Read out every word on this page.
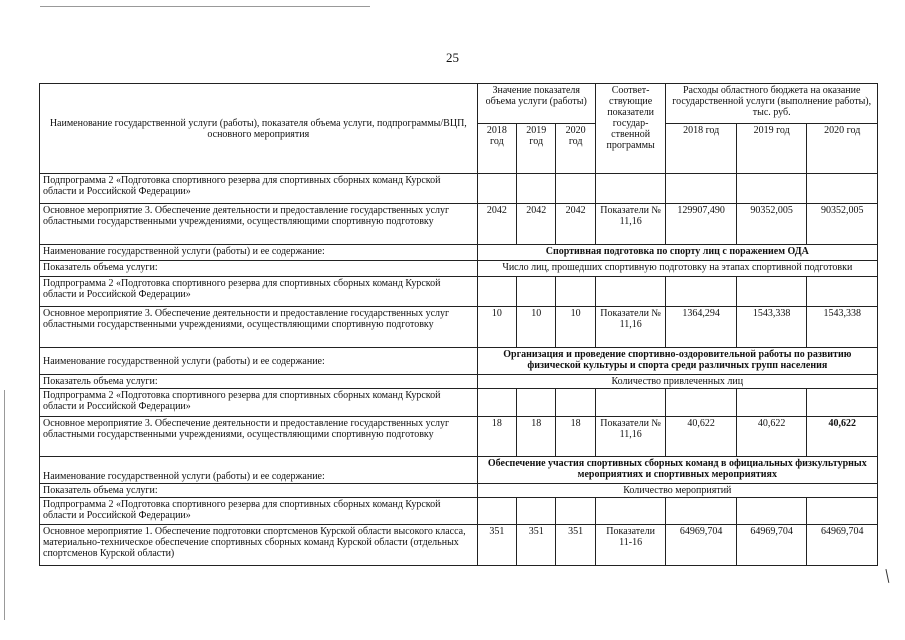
25
Наименование государственной услуги (работы), показателя объема услуги, подпрограммы/ВЦП, основного мероприятия	Значение показателя объема услуги (работы)			Соответствующие показатели государственной программы	Расходы областного бюджета на оказание государственной услуги (выполнение работы), тыс. руб.		
	2018 год	2019 год	2020 год		2018 год	2019 год	2020 год
Подпрограмма 2 «Подготовка спортивного резерва для спортивных сборных команд Курской области и Российской Федерации»							
Основное мероприятие 3. Обеспечение деятельности и предоставление государственных услуг областными государственными учреждениями, осуществляющими спортивную подготовку	2042	2042	2042	Показатели № 11,16	129907,490	90352,005	90352,005
Наименование государственной услуги (работы) и ее содержание:	Спортивная подготовка по спорту лиц с поражением ОДА						
Показатель объема услуги:	Число лиц, прошедших спортивную подготовку на этапах спортивной подготовки						
Подпрограмма 2 «Подготовка спортивного резерва для спортивных сборных команд Курской области и Российской Федерации»							
Основное мероприятие 3. Обеспечение деятельности и предоставление государственных услуг областными государственными учреждениями, осуществляющими спортивную подготовку	10	10	10	Показатели № 11,16	1364,294	1543,338	1543,338
Наименование государственной услуги (работы) и ее содержание:	Организация и проведение спортивно-оздоровительной работы по развитию физической культуры и спорта среди различных групп населения						
Показатель объема услуги:	Количество привлеченных лиц						
Подпрограмма 2 «Подготовка спортивного резерва для спортивных сборных команд Курской области и Российской Федерации»							
Основное мероприятие 3. Обеспечение деятельности и предоставление государственных услуг областными государственными учреждениями, осуществляющими спортивную подготовку	18	18	18	Показатели № 11,16	40,622	40,622	40,622
Наименование государственной услуги (работы) и ее содержание:	Обеспечение участия спортивных сборных команд в официальных физкультурных мероприятиях и спортивных мероприятиях						
Показатель объема услуги:	Количество мероприятий						
Подпрограмма 2 «Подготовка спортивного резерва для спортивных сборных команд Курской области и Российской Федерации»							
Основное мероприятие 1. Обеспечение подготовки спортсменов Курской области высокого класса, материально-техническое обеспечение спортивных сборных команд Курской области (отдельных спортсменов Курской области)	351	351	351	Показатели 11-16	64969,704	64969,704	64969,704
